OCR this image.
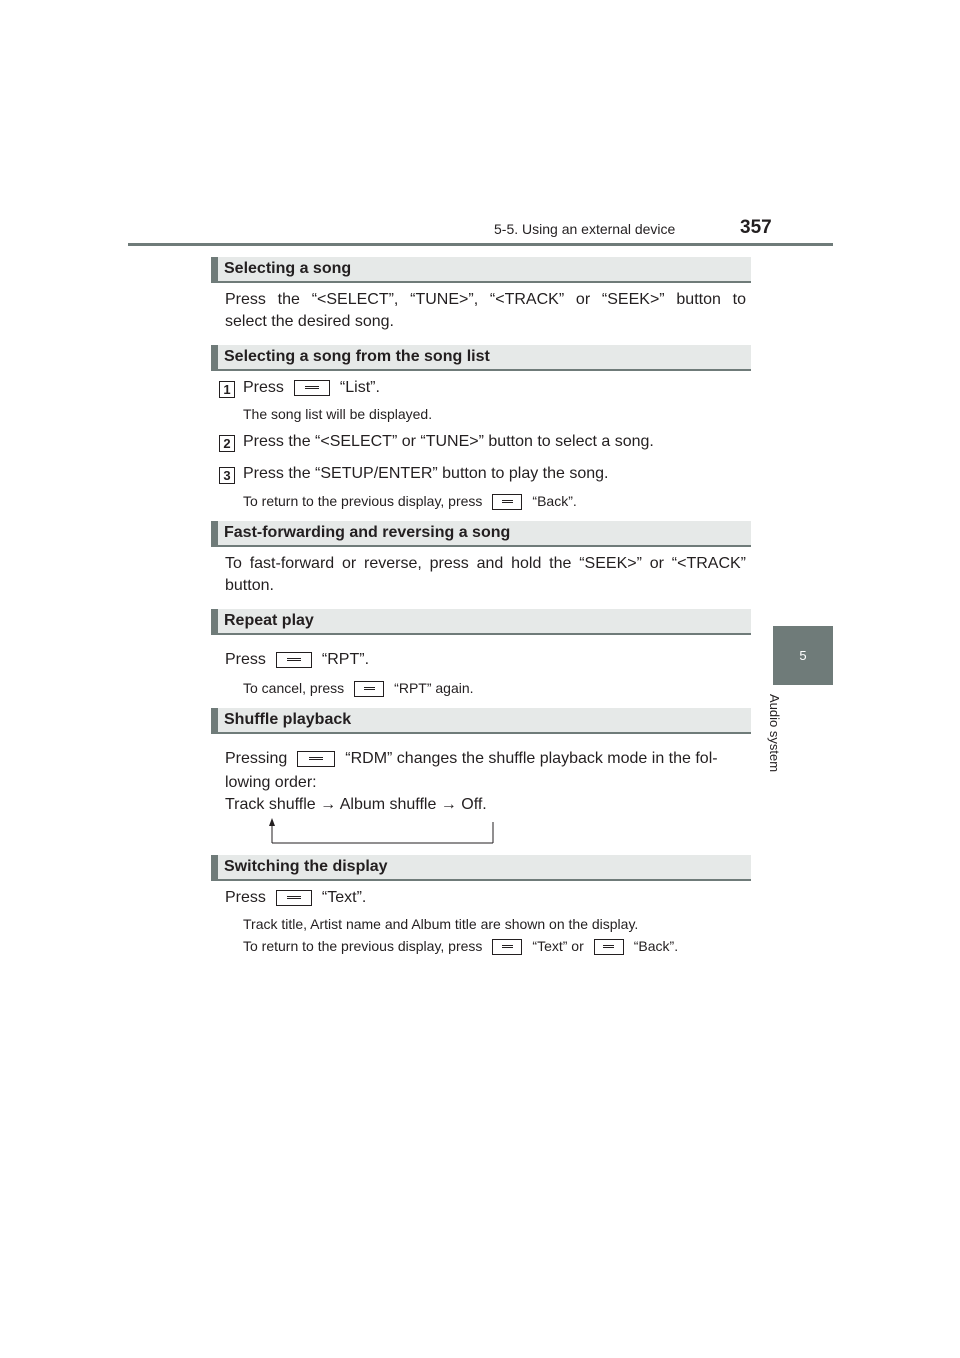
5-5. Using an external device	357
5
Audio system
Selecting a song
Press the “<SELECT”, “TUNE>”, “<TRACK” or “SEEK>” button to
select the desired song.
Selecting a song from the song list
1 Press	“List”.
The song list will be displayed.
2 Press the “<SELECT” or “TUNE>” button to select a song.
3 Press the “SETUP/ENTER” button to play the song.
To return to the previous display, press	“Back”.
Fast-forwarding and reversing a song
To fast-forward or reverse, press and hold the “SEEK>” or “<TRACK”
button.
Repeat play
Press	“RPT”.
To cancel, press	“RPT” again.
Shuffle playback
Pressing	“RDM” changes the shuffle playback mode in the fol-
lowing order:
Track shuffle → Album shuffle → Off.
Switching the display
Press	“Text”.
Track title, Artist name and Album title are shown on the display.
To return to the previous display, press	“Text” or	“Back”.
